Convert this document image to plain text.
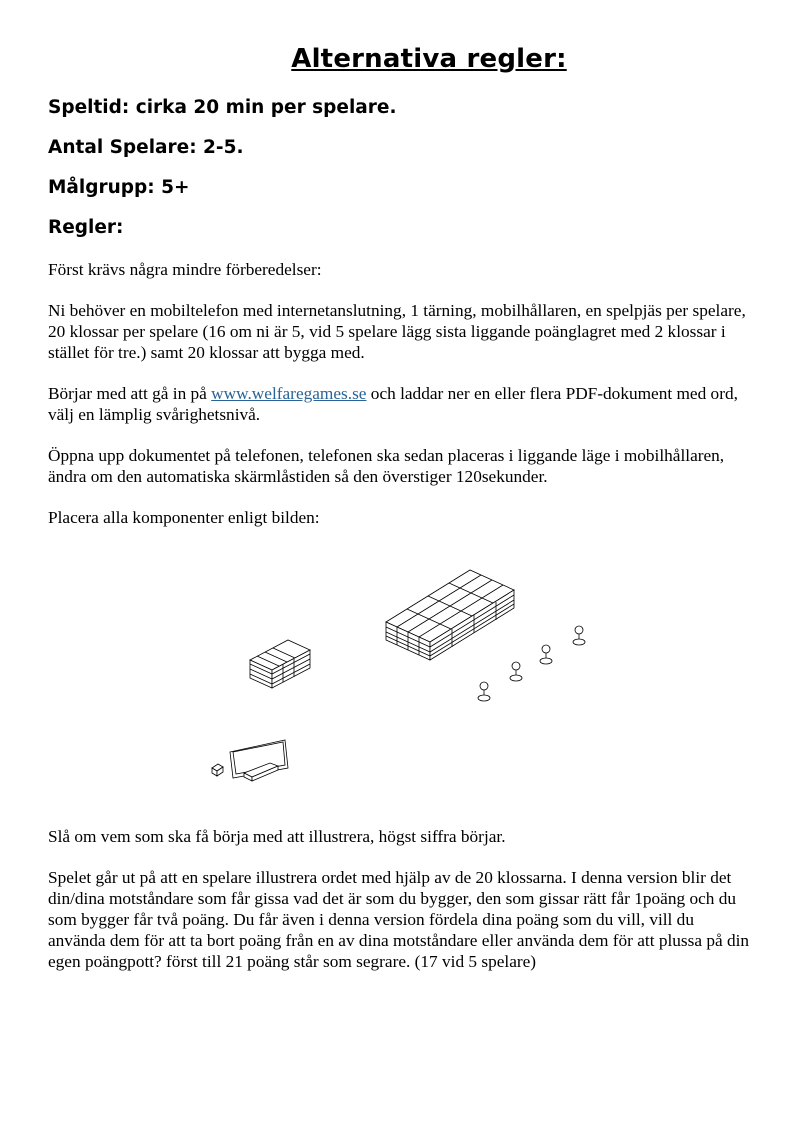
Alternativa regler:

Speltid: cirka 20 min per spelare.

Antal Spelare: 2-5.

Målgrupp: 5+

Regler:

Först krävs några mindre förberedelser:

Ni behöver en mobiltelefon med internetanslutning, 1 tärning, mobilhållaren, en spelpjäs per spelare, 20 klossar per spelare (16 om ni är 5, vid 5 spelare lägg sista liggande poänglagret med 2 klossar i stället för tre.) samt 20 klossar att bygga med.

Börjar med att gå in på www.welfaregames.se och laddar ner en eller flera PDF-dokument med ord, välj en lämplig svårighetsnivå.

Öppna upp dokumentet på telefonen, telefonen ska sedan placeras i liggande läge i mobilhållaren, ändra om den automatiska skärmlåstiden så den överstiger 120sekunder.

Placera alla komponenter enligt bilden:

Slå om vem som ska få börja med att illustrera, högst siffra börjar.

Spelet går ut på att en spelare illustrera ordet med hjälp av de 20 klossarna. I denna version blir det din/dina motståndare som får gissa vad det är som du bygger, den som gissar rätt får 1poäng och du som bygger får två poäng. Du får även i denna version fördela dina poäng som du vill, vill du använda dem för att ta bort poäng från en av dina motståndare eller använda dem för att plussa på din egen poängpott? först till 21 poäng står som segrare. (17 vid 5 spelare)
